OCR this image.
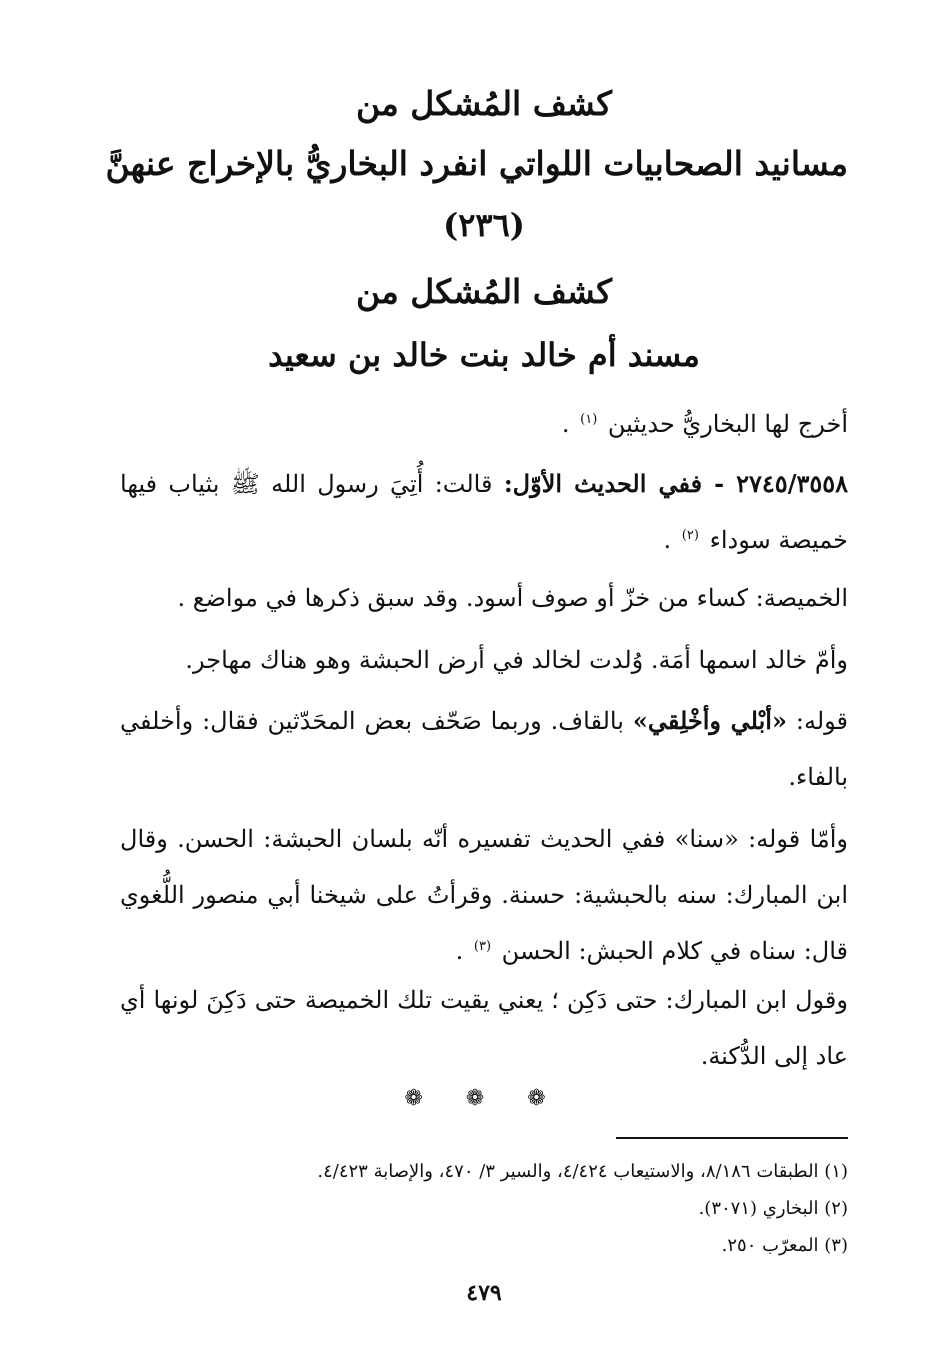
كشف المُشكل من
مسانيد الصحابيات اللواتي انفرد البخاريُّ بالإخراج عنهنَّ
(٢٣٦)
كشف المُشكل من
مسند أم خالد بنت خالد بن سعيد
أخرج لها البخاريُّ حديثين $^{(١)}$ .
٢٧٤٥/٣٥٥٨ - ففي الحديث الأوّل: قالت: أُتِيَ رسول الله ﷺ بثياب فيها خميصة سوداء $^{(٢)}$ .
الخميصة: كساء من خزّ أو صوف أسود. وقد سبق ذكرها في مواضع .
وأمّ خالد اسمها أمَة. وُلدت لخالد في أرض الحبشة وهو هناك مهاجر.
قوله: «أبْلي وأخْلِقي» بالقاف. وربما صَحّف بعض المحَدّثين فقال: وأخلفي بالفاء.
وأمّا قوله: «سنا» ففي الحديث تفسيره أنّه بلسان الحبشة: الحسن. وقال ابن المبارك: سنه بالحبشية: حسنة. وقرأتُ على شيخنا أبي منصور اللُّغوي قال: سناه في كلام الحبش: الحسن $^{(٣)}$ .
وقول ابن المبارك: حتى دَكِن ؛ يعني يقيت تلك الخميصة حتى دَكِنَ لونها أي عاد إلى الدُّكنة.
❁ ❁ ❁
(١) الطبقات ٨/١٨٦، والاستيعاب ٤/٤٢٤، والسير ٣/ ٤٧٠، والإصابة ٤/٤٢٣.
(٢) البخاري (٣٠٧١).
(٣) المعرّب ٢٥٠.
٤٧٩
